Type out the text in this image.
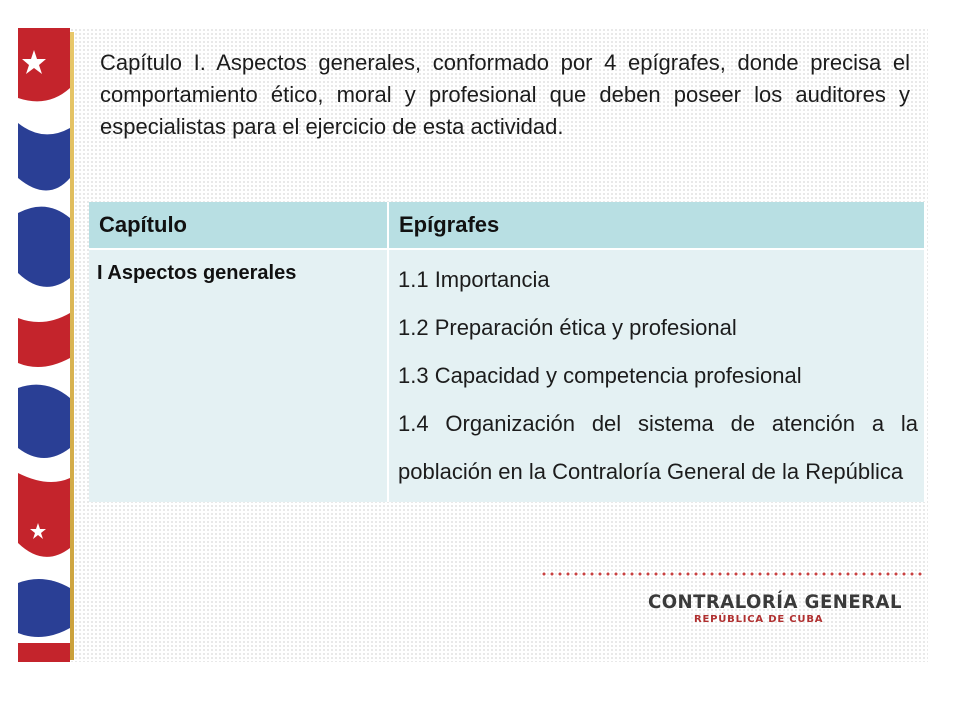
Capítulo I. Aspectos generales, conformado por 4 epígrafes, donde precisa el comportamiento ético, moral y profesional que deben poseer los auditores y especialistas para el ejercicio de esta actividad.

Capítulo	Epígrafes
I Aspectos generales	1.1 Importancia
1.2 Preparación ética y profesional
1.3 Capacidad y competencia profesional
1.4 Organización del sistema de atención a la población en la Contraloría General de la República
CONTRALORÍA GENERAL
REPÚBLICA DE CUBA
